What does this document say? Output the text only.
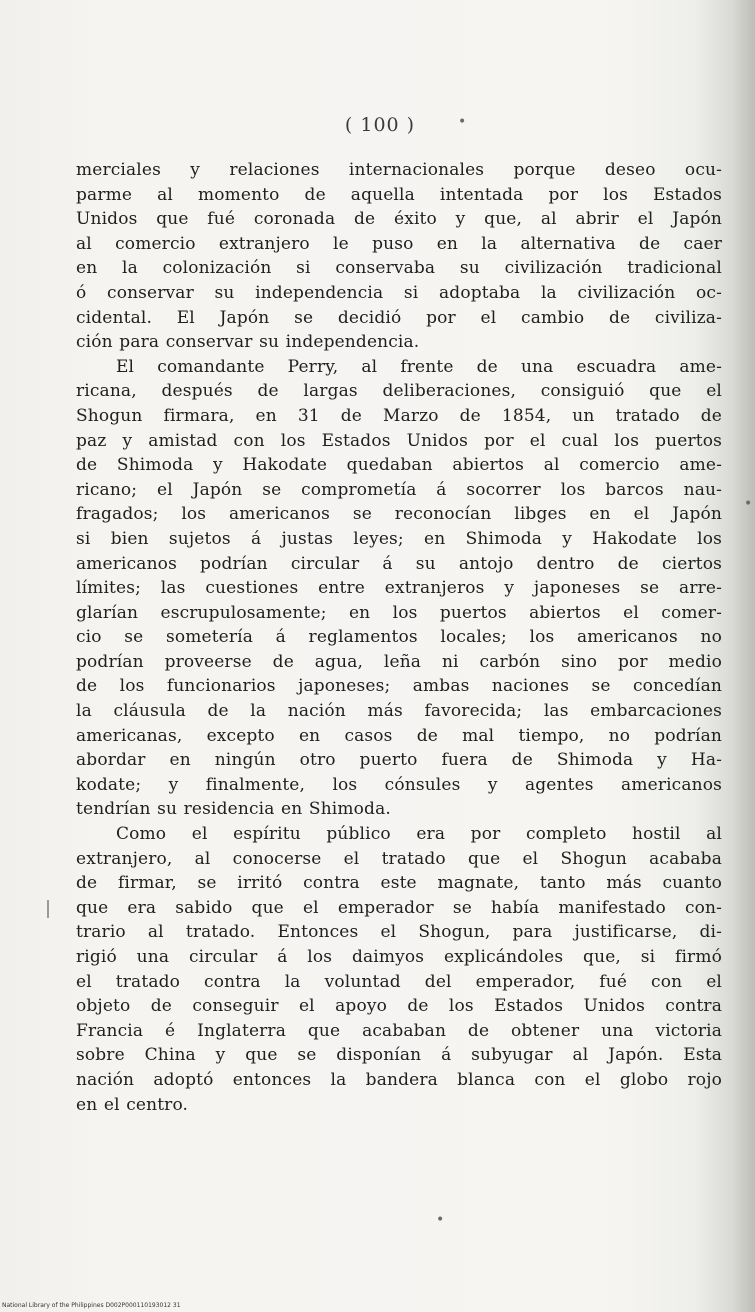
( 100 )	•
•
•
merciales y relaciones internacionales porque deseo ocu-
parme al momento de aquella intentada por los Estados
Unidos que fué coronada de éxito y que, al abrir el Japón
al comercio extranjero le puso en la alternativa de caer
en la colonización si conservaba su civilización tradicional
ó conservar su independencia si adoptaba la civilización oc-
cidental. El Japón se decidió por el cambio de civiliza-
ción para conservar su independencia.
El comandante Perry, al frente de una escuadra ame-
ricana, después de largas deliberaciones, consiguió que el
Shogun firmara, en 31 de Marzo de 1854, un tratado de
paz y amistad con los Estados Unidos por el cual los puertos
de Shimoda y Hakodate quedaban abiertos al comercio ame-
ricano; el Japón se comprometía á socorrer los barcos nau-
fragados; los americanos se reconocían libges en el Japón
si bien sujetos á justas leyes; en Shimoda y Hakodate los
americanos podrían circular á su antojo dentro de ciertos
límites; las cuestiones entre extranjeros y japoneses se arre-
glarían escrupulosamente; en los puertos abiertos el comer-
cio se sometería á reglamentos locales; los americanos no
podrían proveerse de agua, leña ni carbón sino por medio
de los funcionarios japoneses; ambas naciones se concedían
la cláusula de la nación más favorecida; las embarcaciones
americanas, excepto en casos de mal tiempo, no podrían
abordar en ningún otro puerto fuera de Shimoda y Ha-
kodate; y finalmente, los cónsules y agentes americanos
tendrían su residencia en Shimoda.
Como el espíritu público era por completo hostil al
extranjero, al conocerse el tratado que el Shogun acababa
de firmar, se irritó contra este magnate, tanto más cuanto
que era sabido que el emperador se había manifestado con-
trario al tratado. Entonces el Shogun, para justificarse, di-
rigió una circular á los daimyos explicándoles que, si firmó
el tratado contra la voluntad del emperador, fué con el
objeto de conseguir el apoyo de los Estados Unidos contra
Francia é Inglaterra que acababan de obtener una victoria
sobre China y que se disponían á subyugar al Japón. Esta
nación adoptó entonces la bandera blanca con el globo rojo
en el centro.
National Library of the Philippines D002P000110193012 31
